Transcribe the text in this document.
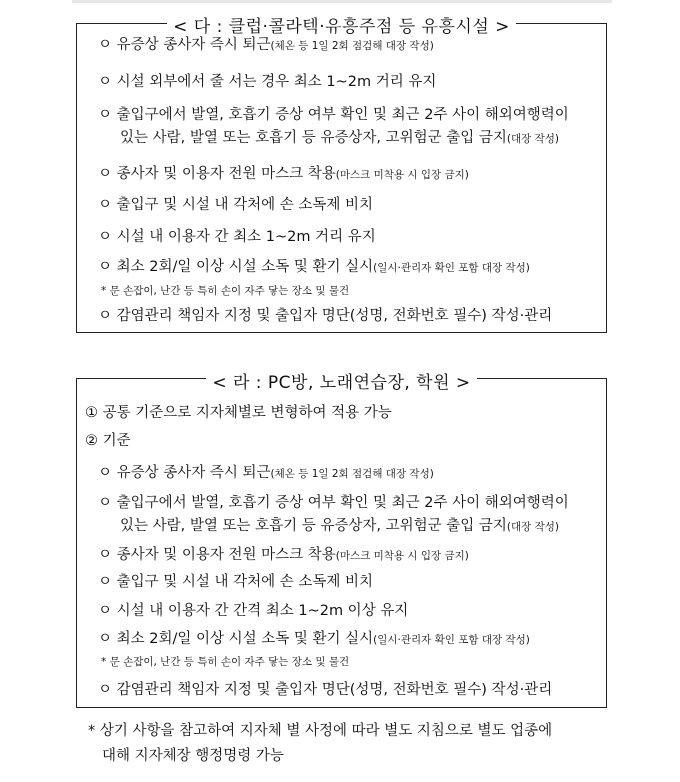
< 다 : 클럽·콜라텍·유흥주점 등 유흥시설 >
ㅇ 유증상 종사자 즉시 퇴근(체온 등 1일 2회 점검해 대장 작성)
ㅇ 시설 외부에서 줄 서는 경우 최소 1~2m 거리 유지
ㅇ 출입구에서 발열, 호흡기 증상 여부 확인 및 최근 2주 사이 해외여행력이
있는 사람, 발열 또는 호흡기 등 유증상자, 고위험군 출입 금지(대장 작성)
ㅇ 종사자 및 이용자 전원 마스크 착용(마스크 미착용 시 입장 금지)
ㅇ 출입구 및 시설 내 각처에 손 소독제 비치
ㅇ 시설 내 이용자 간 최소 1~2m 거리 유지
ㅇ 최소 2회/일 이상 시설 소독 및 환기 실시(일시·관리자 확인 포함 대장 작성)
* 문 손잡이, 난간 등 특히 손이 자주 닿는 장소 및 물건
ㅇ 감염관리 책임자 지정 및 출입자 명단(성명, 전화번호 필수) 작성·관리
< 라 : PC방, 노래연습장, 학원 >
① 공통 기준으로 지자체별로 변형하여 적용 가능
② 기준
ㅇ 유증상 종사자 즉시 퇴근(체온 등 1일 2회 점검해 대장 작성)
ㅇ 출입구에서 발열, 호흡기 증상 여부 확인 및 최근 2주 사이 해외여행력이
있는 사람, 발열 또는 호흡기 등 유증상자, 고위험군 출입 금지(대장 작성)
ㅇ 종사자 및 이용자 전원 마스크 착용(마스크 미착용 시 입장 금지)
ㅇ 출입구 및 시설 내 각처에 손 소독제 비치
ㅇ 시설 내 이용자 간 간격 최소 1~2m 이상 유지
ㅇ 최소 2회/일 이상 시설 소독 및 환기 실시(일시·관리자 확인 포함 대장 작성)
* 문 손잡이, 난간 등 특히 손이 자주 닿는 장소 및 물건
ㅇ 감염관리 책임자 지정 및 출입자 명단(성명, 전화번호 필수) 작성·관리
* 상기 사항을 참고하여 지자체 별 사정에 따라 별도 지침으로 별도 업종에
대해 지자체장 행정명령 가능
